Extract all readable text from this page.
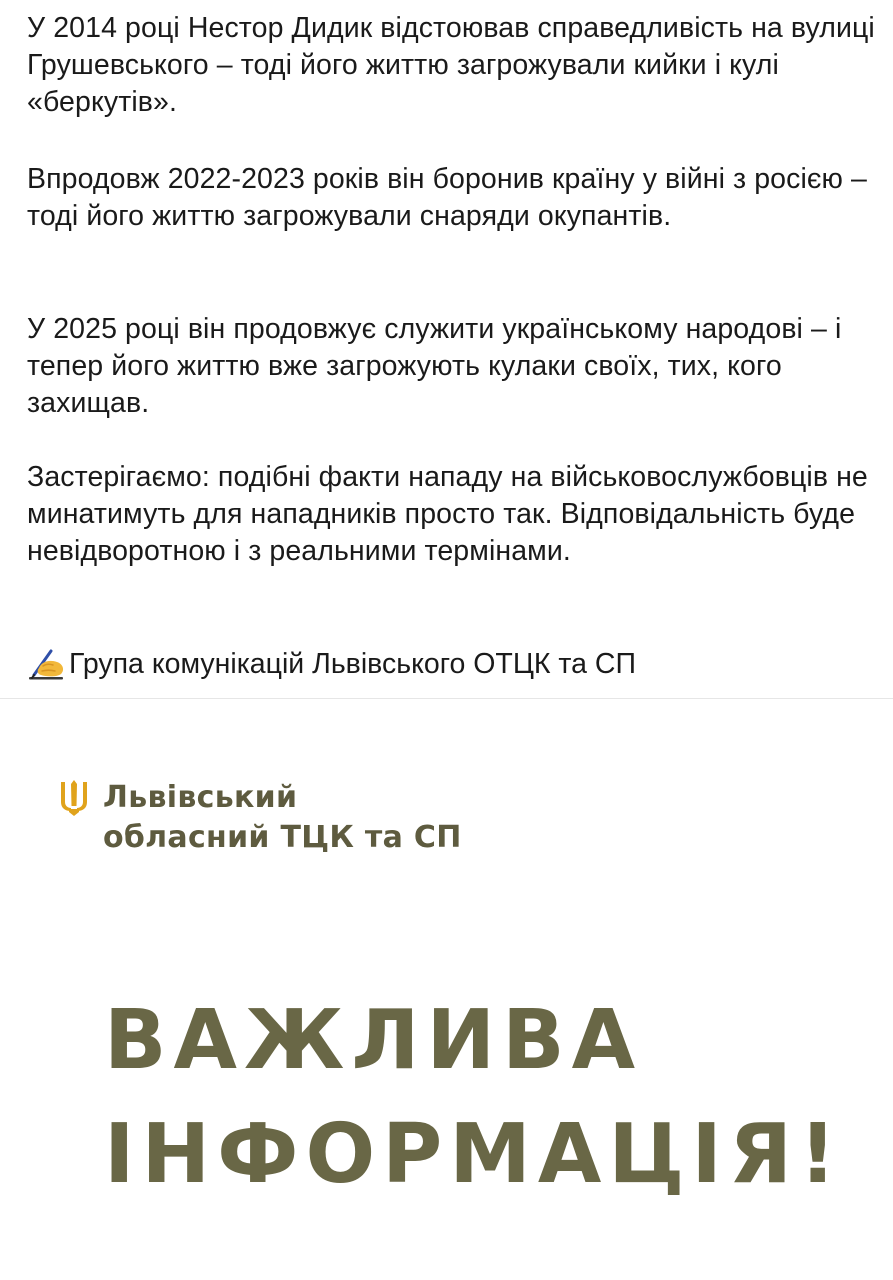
У 2014 році Нестор Дидик відстоював справедливість на вулиці Грушевського – тоді його життю загрожували кийки і кулі «беркутів».

Впродовж 2022-2023 років він боронив країну у війні з росією – тоді його життю загрожували снаряди окупантів.

У 2025 році він продовжує служити українському народові – і тепер його життю вже загрожують кулаки своїх, тих, кого захищав.

Застерігаємо: подібні факти нападу на військовослужбовців не минатимуть для нападників просто так. Відповідальність буде невідворотною і з реальними термінами.

Група комунікацій Львівського ОТЦК та СП
Львівський
обласний ТЦК та СП
ВАЖЛИВА
ІНФОРМАЦІЯ!
